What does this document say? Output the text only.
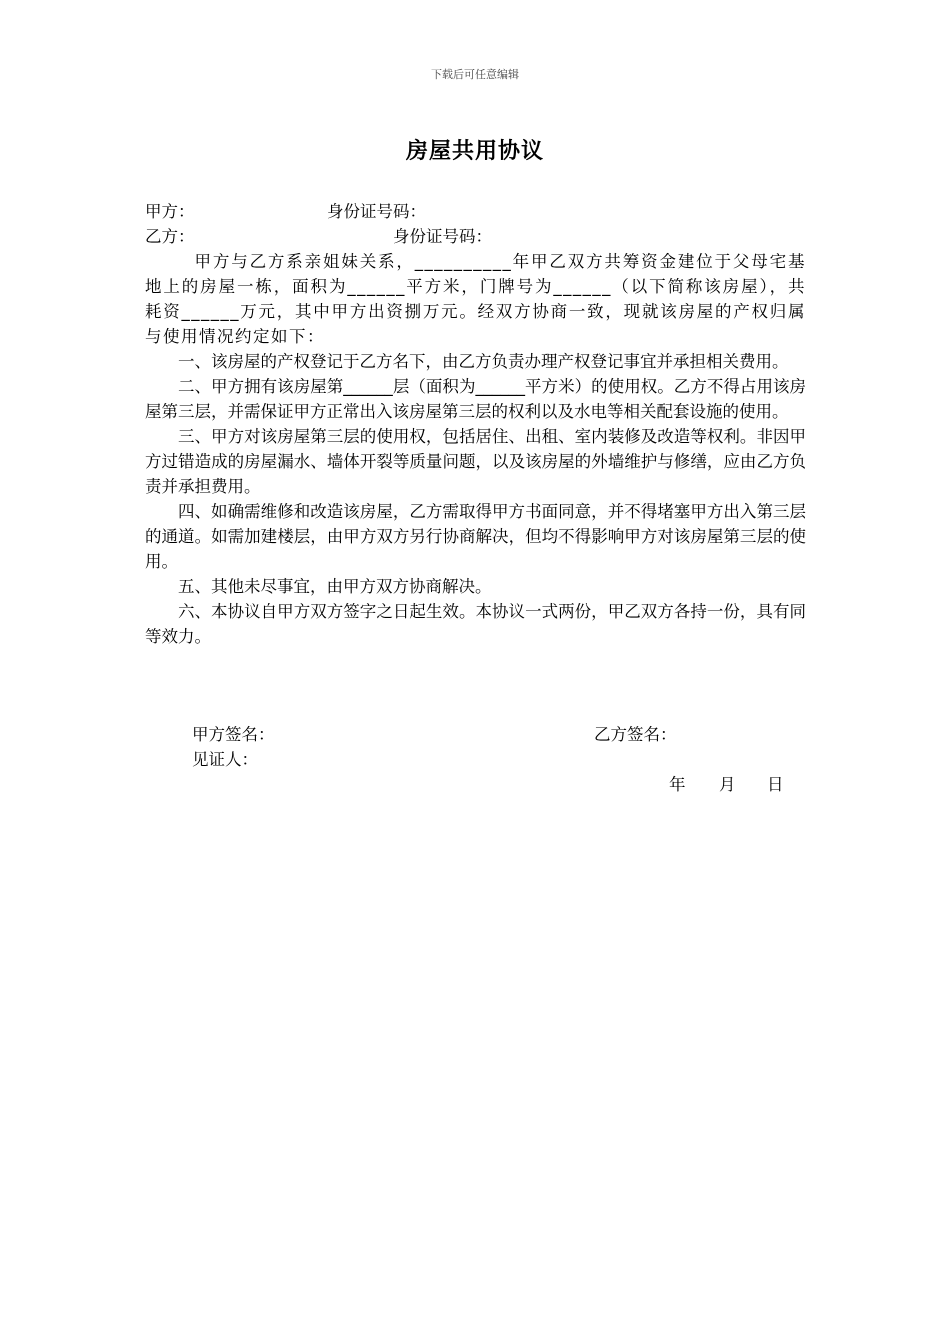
下载后可任意编辑
房屋共用协议
甲方：	身份证号码：
乙方：	身份证号码：

甲方与乙方系亲姐妹关系，__________年甲乙双方共筹资金建位于父母宅基地上的房屋一栋，面积为______平方米，门牌号为______（以下简称该房屋），共耗资______万元，其中甲方出资捌万元。经双方协商一致，现就该房屋的产权归属与使用情况约定如下：

一、该房屋的产权登记于乙方名下，由乙方负责办理产权登记事宜并承担相关费用。

二、甲方拥有该房屋第______层（面积为______平方米）的使用权。乙方不得占用该房屋第三层，并需保证甲方正常出入该房屋第三层的权利以及水电等相关配套设施的使用。

三、甲方对该房屋第三层的使用权，包括居住、出租、室内装修及改造等权利。非因甲方过错造成的房屋漏水、墙体开裂等质量问题，以及该房屋的外墙维护与修缮，应由乙方负责并承担费用。

四、如确需维修和改造该房屋，乙方需取得甲方书面同意，并不得堵塞甲方出入第三层的通道。如需加建楼层，由甲方双方另行协商解决，但均不得影响甲方对该房屋第三层的使用。

五、其他未尽事宜，由甲方双方协商解决。

六、本协议自甲方双方签字之日起生效。本协议一式两份，甲乙双方各持一份，具有同等效力。

甲方签名：	乙方签名：
见证人：
年 月 日
